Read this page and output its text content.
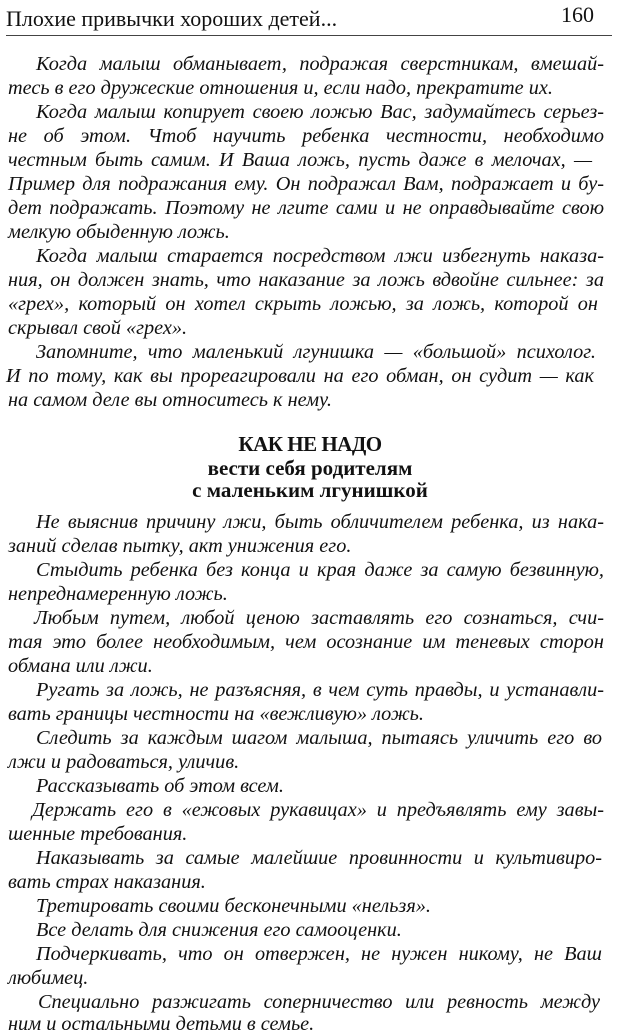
Плохие привычки хороших детей...	160
Когда малыш обманывает, подражая сверстникам, вмешай-
тесь в его дружеские отношения и, если надо, прекратите их.
Когда малыш копирует своею ложью Вас, задумайтесь серьез-
не об этом. Чтоб научить ребенка честности, необходимо
честным быть самим. И Ваша ложь, пусть даже в мелочах, —
Пример для подражания ему. Он подражал Вам, подражает и бу-
дет подражать. Поэтому не лгите сами и не оправдывайте свою
мелкую обыденную ложь.
Когда малыш старается посредством лжи избегнуть наказа-
ния, он должен знать, что наказание за ложь вдвойне сильнее: за
«грех», который он хотел скрыть ложью, за ложь, которой он
скрывал свой «грех».
Запомните, что маленький лгунишка — «большой» психолог.
И по тому, как вы прореагировали на его обман, он судит — как
на самом деле вы относитесь к нему.
КАК НЕ НАДО
вести себя родителям
с маленьким лгунишкой
Не выяснив причину лжи, быть обличителем ребенка, из нака-
заний сделав пытку, акт унижения его.
Стыдить ребенка без конца и края даже за самую безвинную,
непреднамеренную ложь.
Любым путем, любой ценою заставлять его сознаться, счи-
тая это более необходимым, чем осознание им теневых сторон
обмана или лжи.
Ругать за ложь, не разъясняя, в чем суть правды, и устанавли-
вать границы честности на «вежливую» ложь.
Следить за каждым шагом малыша, пытаясь уличить его во
лжи и радоваться, уличив.
Рассказывать об этом всем.
Держать его в «ежовых рукавицах» и предъявлять ему завы-
шенные требования.
Наказывать за самые малейшие провинности и культивиро-
вать страх наказания.
Третировать своими бесконечными «нельзя».
Все делать для снижения его самооценки.
Подчеркивать, что он отвержен, не нужен никому, не Ваш
любимец.
Специально разжигать соперничество или ревность между
ним и остальными детьми в семье.
